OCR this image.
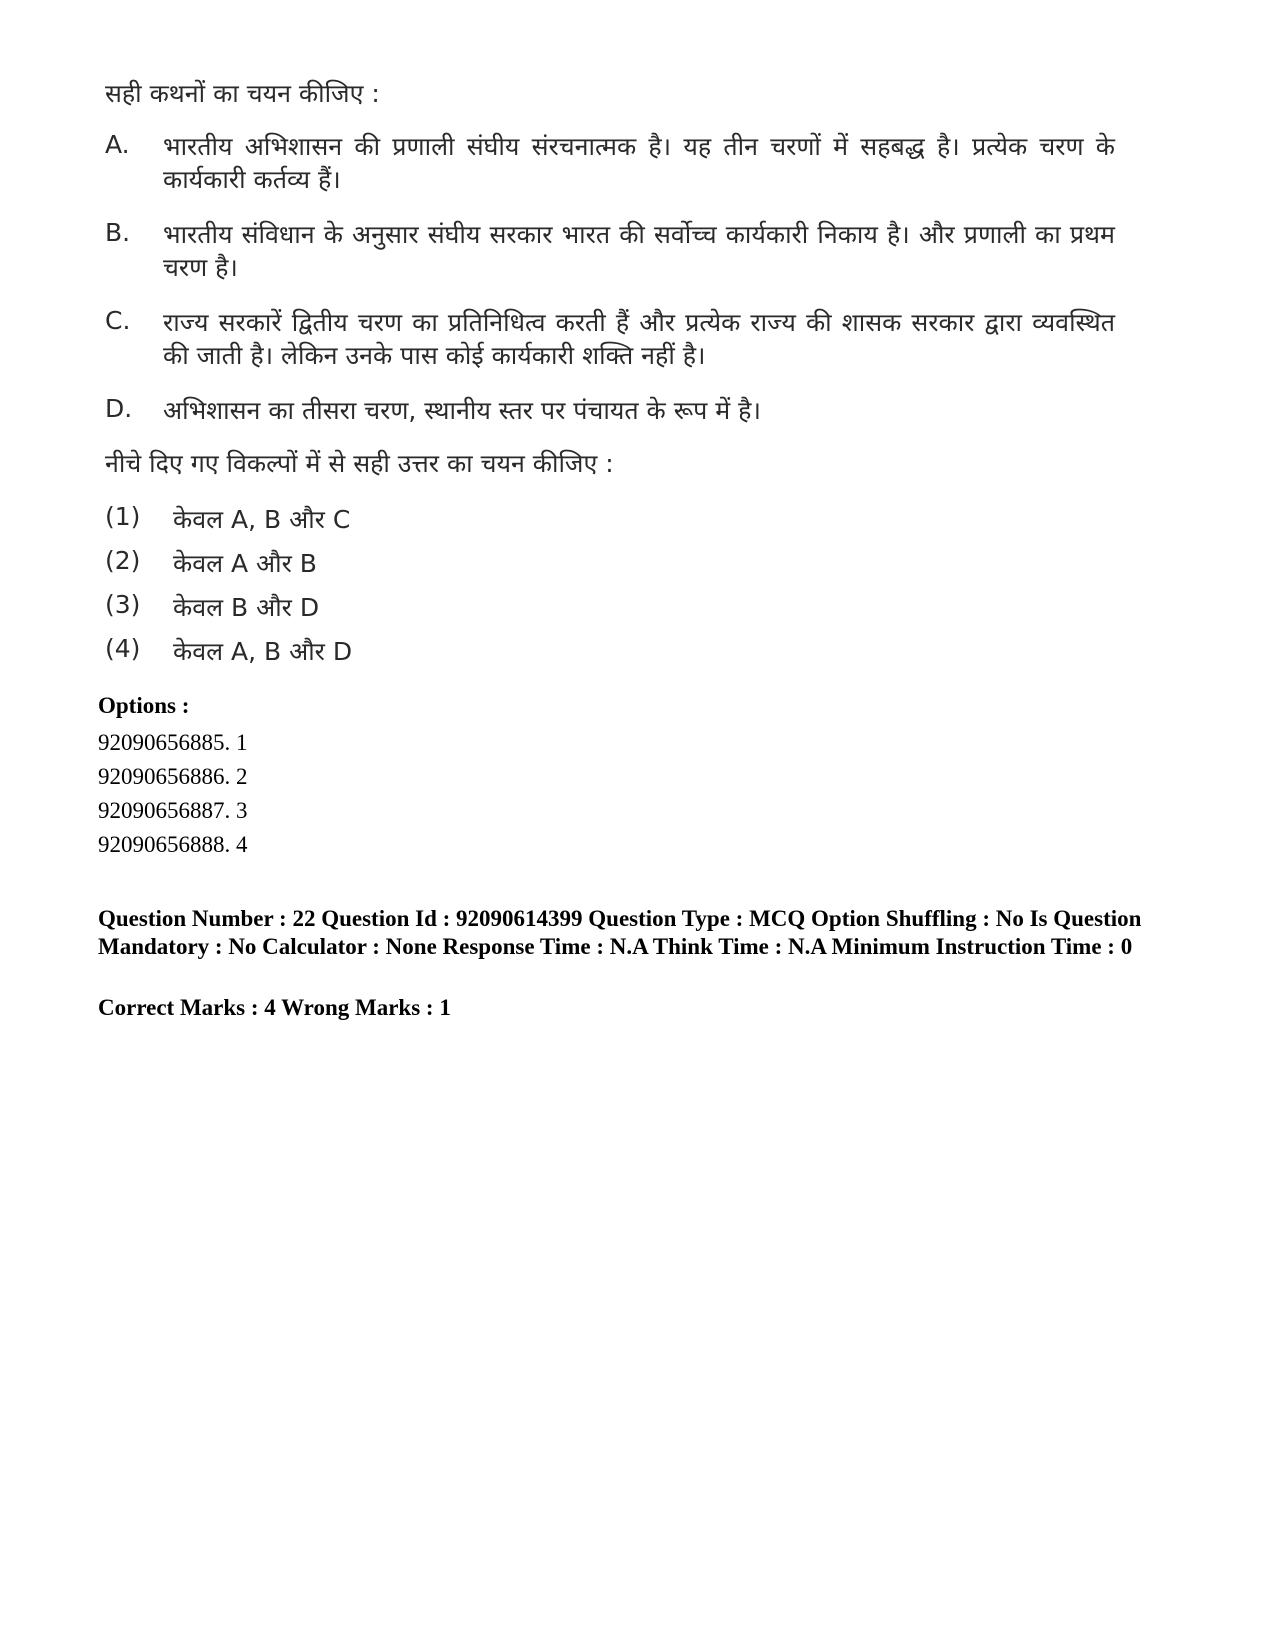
सही कथनों का चयन कीजिए :
A. भारतीय अभिशासन की प्रणाली संघीय संरचनात्मक है। यह तीन चरणों में सहबद्ध है। प्रत्येक चरण के कार्यकारी कर्तव्य हैं।
B. भारतीय संविधान के अनुसार संघीय सरकार भारत की सर्वोच्च कार्यकारी निकाय है। और प्रणाली का प्रथम चरण है।
C. राज्य सरकारें द्वितीय चरण का प्रतिनिधित्व करती हैं और प्रत्येक राज्य की शासक सरकार द्वारा व्यवस्थित की जाती है। लेकिन उनके पास कोई कार्यकारी शक्ति नहीं है।
D. अभिशासन का तीसरा चरण, स्थानीय स्तर पर पंचायत के रूप में है।
नीचे दिए गए विकल्पों में से सही उत्तर का चयन कीजिए :
(1) केवल A, B और C
(2) केवल A और B
(3) केवल B और D
(4) केवल A, B और D
Options :
92090656885. 1
92090656886. 2
92090656887. 3
92090656888. 4
Question Number : 22 Question Id : 92090614399 Question Type : MCQ Option Shuffling : No Is Question Mandatory : No Calculator : None Response Time : N.A Think Time : N.A Minimum Instruction Time : 0
Correct Marks : 4 Wrong Marks : 1
